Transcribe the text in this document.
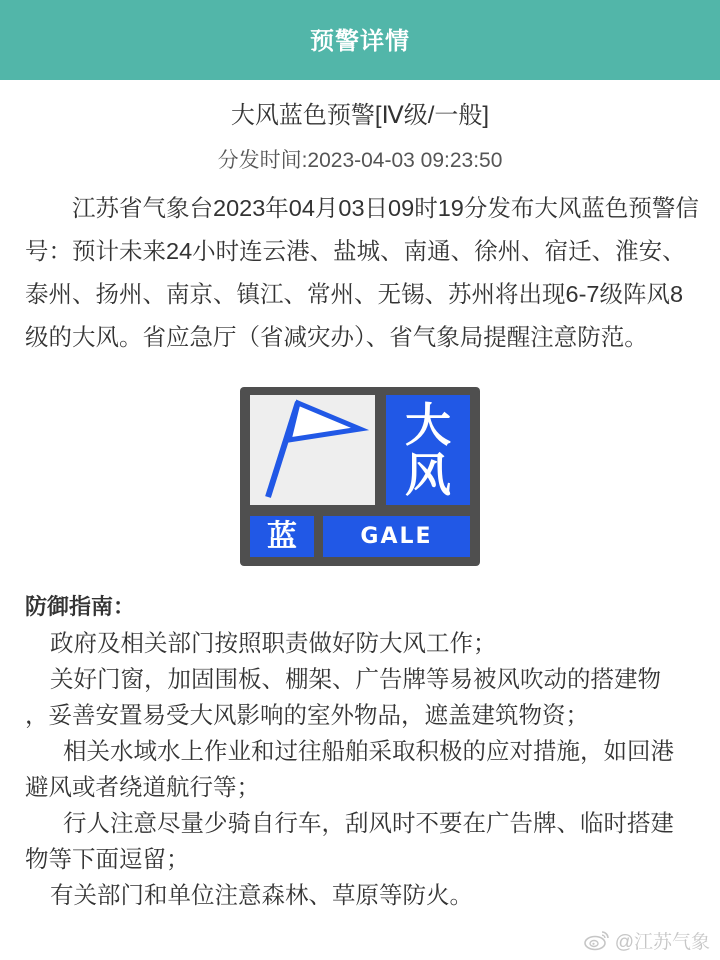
预警详情
大风蓝色预警[Ⅳ级/一般]
分发时间:2023-04-03 09:23:50
江苏省气象台2023年04月03日09时19分发布大风蓝色预警信
号：预计未来24小时连云港、盐城、南通、徐州、宿迁、淮安、
泰州、扬州、南京、镇江、常州、无锡、苏州将出现6-7级阵风8
级的大风。省应急厅（省减灾办）、省气象局提醒注意防范。
大
风
蓝	GALE
防御指南：
政府及相关部门按照职责做好防大风工作；
关好门窗，加固围板、棚架、广告牌等易被风吹动的搭建物
，妥善安置易受大风影响的室外物品，遮盖建筑物资；
相关水域水上作业和过往船舶采取积极的应对措施，如回港
避风或者绕道航行等；
行人注意尽量少骑自行车，刮风时不要在广告牌、临时搭建
物等下面逗留；
有关部门和单位注意森林、草原等防火。
@江苏气象
